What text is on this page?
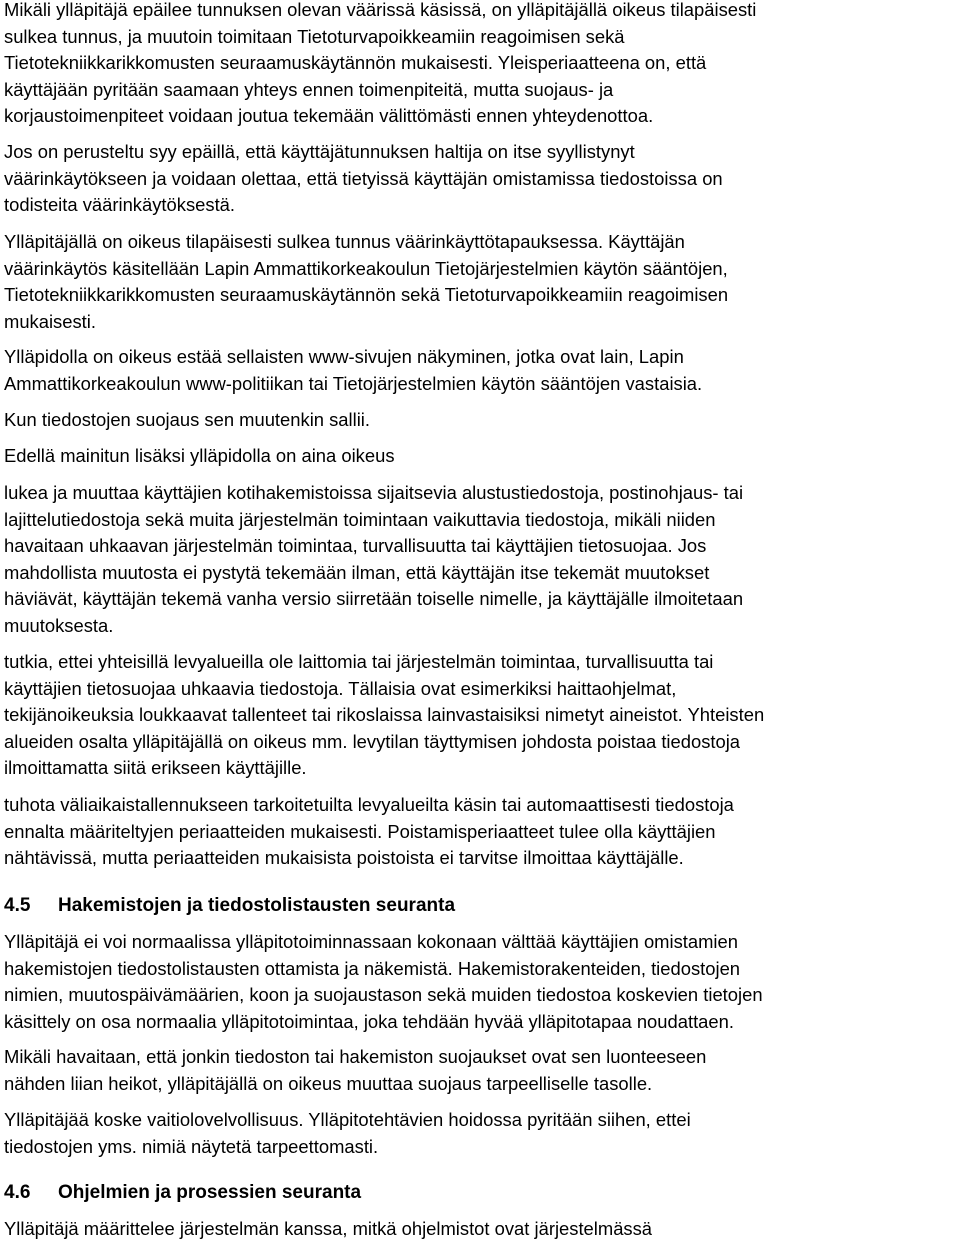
Mikäli ylläpitäjä epäilee tunnuksen olevan väärissä käsissä, on ylläpitäjällä oikeus tilapäisesti
sulkea tunnus, ja muutoin toimitaan Tietoturvapoikkeamiin reagoimisen sekä
Tietotekniikkarikkomusten seuraamuskäytännön mukaisesti. Yleisperiaatteena on, että
käyttäjään pyritään saamaan yhteys ennen toimenpiteitä, mutta suojaus- ja
korjaustoimenpiteet voidaan joutua tekemään välittömästi ennen yhteydenottoa.

Jos on perusteltu syy epäillä, että käyttäjätunnuksen haltija on itse syyllistynyt
väärinkäytökseen ja voidaan olettaa, että tietyissä käyttäjän omistamissa tiedostoissa on
todisteita väärinkäytöksestä.

Ylläpitäjällä on oikeus tilapäisesti sulkea tunnus väärinkäyttötapauksessa. Käyttäjän
väärinkäytös käsitellään Lapin Ammattikorkeakoulun Tietojärjestelmien käytön sääntöjen,
Tietotekniikkarikkomusten seuraamuskäytännön sekä Tietoturvapoikkeamiin reagoimisen
mukaisesti.

Ylläpidolla on oikeus estää sellaisten www-sivujen näkyminen, jotka ovat lain, Lapin
Ammattikorkeakoulun www-politiikan tai Tietojärjestelmien käytön sääntöjen vastaisia.

Kun tiedostojen suojaus sen muutenkin sallii.

Edellä mainitun lisäksi ylläpidolla on aina oikeus

lukea ja muuttaa käyttäjien kotihakemistoissa sijaitsevia alustustiedostoja, postinohjaus- tai
lajittelutiedostoja sekä muita järjestelmän toimintaan vaikuttavia tiedostoja, mikäli niiden
havaitaan uhkaavan järjestelmän toimintaa, turvallisuutta tai käyttäjien tietosuojaa. Jos
mahdollista muutosta ei pystytä tekemään ilman, että käyttäjän itse tekemät muutokset
häviävät, käyttäjän tekemä vanha versio siirretään toiselle nimelle, ja käyttäjälle ilmoitetaan
muutoksesta.

tutkia, ettei yhteisillä levyalueilla ole laittomia tai järjestelmän toimintaa, turvallisuutta tai
käyttäjien tietosuojaa uhkaavia tiedostoja. Tällaisia ovat esimerkiksi haittaohjelmat,
tekijänoikeuksia loukkaavat tallenteet tai rikoslaissa lainvastaisiksi nimetyt aineistot. Yhteisten
alueiden osalta ylläpitäjällä on oikeus mm. levytilan täyttymisen johdosta poistaa tiedostoja
ilmoittamatta siitä erikseen käyttäjille.

tuhota väliaikaistallennukseen tarkoitetuilta levyalueilta käsin tai automaattisesti tiedostoja
ennalta määriteltyjen periaatteiden mukaisesti. Poistamisperiaatteet tulee olla käyttäjien
nähtävissä, mutta periaatteiden mukaisista poistoista ei tarvitse ilmoittaa käyttäjälle.

4.5 Hakemistojen ja tiedostolistausten seuranta

Ylläpitäjä ei voi normaalissa ylläpitotoiminnassaan kokonaan välttää käyttäjien omistamien
hakemistojen tiedostolistausten ottamista ja näkemistä. Hakemistorakenteiden, tiedostojen
nimien, muutospäivämäärien, koon ja suojaustason sekä muiden tiedostoa koskevien tietojen
käsittely on osa normaalia ylläpitotoimintaa, joka tehdään hyvää ylläpitotapaa noudattaen.

Mikäli havaitaan, että jonkin tiedoston tai hakemiston suojaukset ovat sen luonteeseen
nähden liian heikot, ylläpitäjällä on oikeus muuttaa suojaus tarpeelliselle tasolle.

Ylläpitäjää koske vaitiolovelvollisuus. Ylläpitotehtävien hoidossa pyritään siihen, ettei
tiedostojen yms. nimiä näytetä tarpeettomasti.

4.6 Ohjelmien ja prosessien seuranta

Ylläpitäjä määrittelee järjestelmän kanssa, mitkä ohjelmistot ovat järjestelmässä
